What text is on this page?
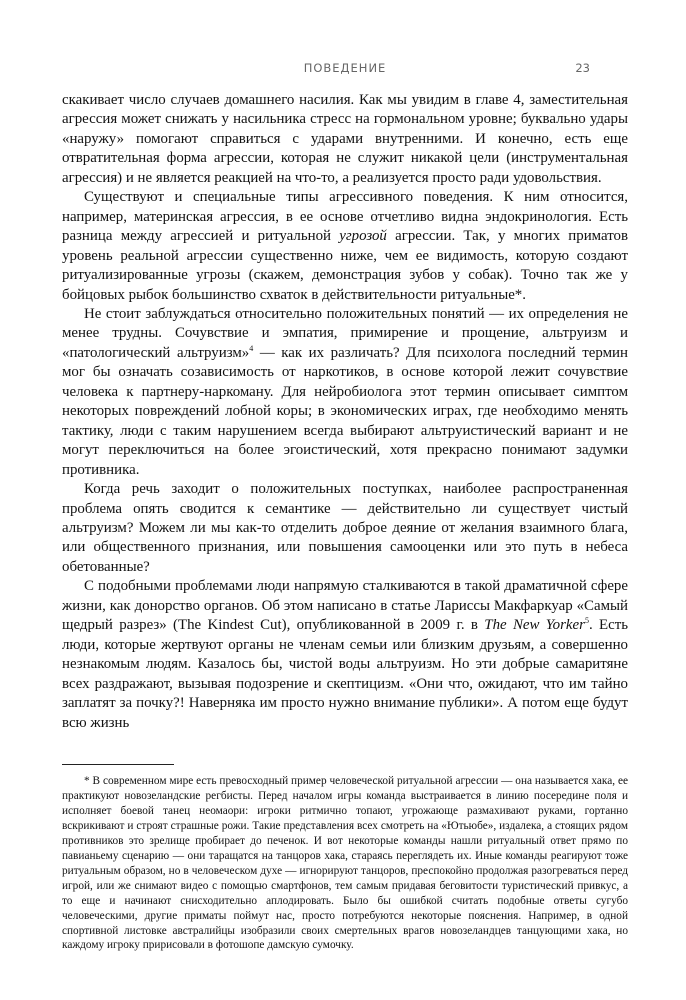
ПОВЕДЕНИЕ	23

скакивает число случаев домашнего насилия. Как мы увидим в главе 4, заместительная агрессия может снижать у насильника стресс на гормональном уровне; буквально удары «наружу» помогают справиться с ударами внутренними. И конечно, есть еще отвратительная форма агрессии, которая не служит никакой цели (инструментальная агрессия) и не является реакцией на что-то, а реализуется просто ради удовольствия.

Существуют и специальные типы агрессивного поведения. К ним относится, например, материнская агрессия, в ее основе отчетливо видна эндокринология. Есть разница между агрессией и ритуальной угрозой агрессии. Так, у многих приматов уровень реальной агрессии существенно ниже, чем ее видимость, которую создают ритуализированные угрозы (скажем, демонстрация зубов у собак). Точно так же у бойцовых рыбок большинство схваток в действительности ритуальные*.

Не стоит заблуждаться относительно положительных понятий — их определения не менее трудны. Сочувствие и эмпатия, примирение и прощение, альтруизм и «патологический альтруизм»$^4$ — как их различать? Для психолога последний термин мог бы означать созависимость от наркотиков, в основе которой лежит сочувствие человека к партнеру-наркоману. Для нейробиолога этот термин описывает симптом некоторых повреждений лобной коры; в экономических играх, где необходимо менять тактику, люди с таким нарушением всегда выбирают альтруистический вариант и не могут переключиться на более эгоистический, хотя прекрасно понимают задумки противника.

Когда речь заходит о положительных поступках, наиболее распространенная проблема опять сводится к семантике — действительно ли существует чистый альтруизм? Можем ли мы как-то отделить доброе деяние от желания взаимного блага, или общественного признания, или повышения самооценки или это путь в небеса обетованные?

С подобными проблемами люди напрямую сталкиваются в такой драматичной сфере жизни, как донорство органов. Об этом написано в статье Лариссы Макфаркуар «Самый щедрый разрез» (The Kindest Cut), опубликованной в 2009 г. в The New Yorker$^5$. Есть люди, которые жертвуют органы не членам семьи или близким друзьям, а совершенно незнакомым людям. Казалось бы, чистой воды альтруизм. Но эти добрые самаритяне всех раздражают, вызывая подозрение и скептицизм. «Они что, ожидают, что им тайно заплатят за почку?! Наверняка им просто нужно внимание публики». А потом еще будут всю жизнь

* В современном мире есть превосходный пример человеческой ритуальной агрессии — она называется хака, ее практикуют новозеландские регбисты. Перед началом игры команда выстраивается в линию посередине поля и исполняет боевой танец неомаори: игроки ритмично топают, угрожающе размахивают руками, гортанно вскрикивают и строят страшные рожи. Такие представления всех смотреть на «Ютьюбе», издалека, а стоящих рядом противников это зрелище пробирает до печенок. И вот некоторые команды нашли ритуальный ответ прямо по павианьему сценарию — они таращатся на танцоров хака, стараясь переглядеть их. Иные команды реагируют тоже ритуальным образом, но в человеческом духе — игнорируют танцоров, преспокойно продолжая разогреваться перед игрой, или же снимают видео с помощью смартфонов, тем самым придавая беговитости туристический привкус, а то еще и начинают снисходительно аплодировать. Было бы ошибкой считать подобные ответы сугубо человеческими, другие приматы поймут нас, просто потребуются некоторые пояснения. Например, в одной спортивной листовке австралийцы изобразили своих смертельных врагов новозеландцев танцующими хака, но каждому игроку пририсовали в фотошопе дамскую сумочку.
